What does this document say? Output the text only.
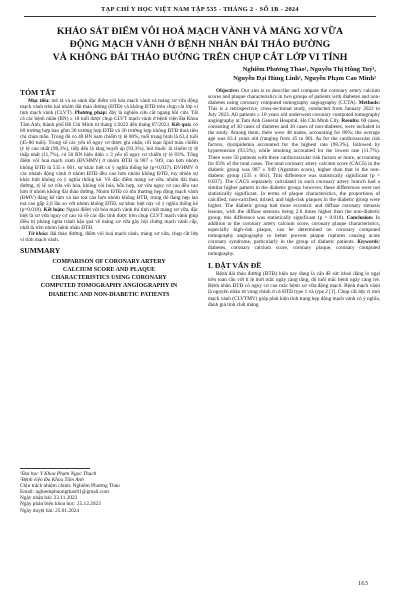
TẠP CHÍ Y HỌC VIỆT NAM TẬP 535 - THÁNG 2 - SỐ 1B - 2024
KHẢO SÁT ĐIỂM VÔI HOÁ MẠCH VÀNH VÀ MẢNG XƠ VỮA
ĐỘNG MẠCH VÀNH Ở BỆNH NHÂN ĐÁI THÁO ĐƯỜNG
VÀ KHÔNG ĐÁI THÁO ĐƯỜNG TRÊN CHỤP CẮT LỚP VI TÍNH
Nghiêm Phương Thảo¹, Nguyễn Thị Hồng Tuý²,
Nguyễn Đại Hùng Linh¹, Nguyễn Phạm Cao Minh²
TÓM TẮT
Mục tiêu: mô tả và so sánh đặc điểm vôi hóa mạch vành và mảng xơ vữa động mạch vành trên hai nhóm đái tháo đường (ĐTĐ) và không ĐTĐ trên chụp cắt lớp vi tính mạch vành (CLVT). Phương pháp: đây là nghiên cứu cắt ngang hồi cứu. Tất cả các bệnh nhân (BN) ≥ 18 tuổi được chụp CLVT mạch vành ở bệnh viện Đa Khoa Tâm Anh, thành phố Hồ Chí Minh từ tháng 1/2022 đến tháng 07/2023. Kết quả: có 60 trường hợp bao gồm 30 trường hợp ĐTĐ và 30 trường hợp không ĐTĐ thoả tiêu chí chọn mẫu. Trong đó có 48 BN nam chiếm tỷ lệ 80%, tuổi trung bình là 63,4 tuổi (45-80 tuổi). Trong số các yếu tố nguy cơ được ghi nhận, rối loạn lipid máu chiếm tỷ lệ cao nhất (98,3%), tiếp đến là tăng huyết áp (93,3%), hút thuốc lá chiếm tỷ lệ thấp nhất (11,7%), có 50 BN hiện diện ≥ 3 yếu tố nguy cơ chiếm tỷ lệ 83%. Tổng điểm vôi hoá mạch vành (ĐVHMV) ở nhóm ĐTĐ là 987 ± 949, cao hơn nhóm không ĐTĐ là 535 ± 661, sự khác biệt có ý nghĩa thống kê (p=0,037). ĐVHMV ở các nhánh động vành ở nhóm ĐTĐ đều cao hơn nhóm không ĐTĐ, tuy nhiên sự khác biệt không có ý nghĩa thống kê. Về đặc điểm mảng xơ vữa, nhóm đái tháo đường, tỷ lệ xơ vữa vôi hóa, không vôi hóa, hỗn hợp, xơ vữa nguy cơ cao đều cao hơn ở nhóm không đái tháo đường. Nhóm ĐTĐ có tổn thương hẹp động mạch vành (ĐMV) đáng kể tâm và lan toả cao hơn nhóm không ĐTĐ, trong đó đang hẹp lan toả cao gấp 2,6 lần so với nhóm không ĐTĐ, sự khác biệt này có ý nghĩa thống kê (p=0,018). Kết luận: Ngoài điểm vôi hóa mạch vành thì tính chất mảng xơ vữa, đặc biệt là xơ vữa nguy cơ cao và về các đặc tính được trên chụp CLVT mạch vành giúp điều trị phòng ngừa tránh hậu quả về mảng xơ vữa gây hội chứng mạch vành cấp, nhất là trên nhóm bệnh nhân ĐTĐ.
Từ khóa: đái tháo đường, điểm vôi hoá mạch vành, mảng xơ vữa, chụp cắt lớp vi tính mạch vành.
SUMMARY
COMPARISON OF CORONARY ARTERY
CALCIUM SCORE AND PLAQUE
CHARACTERISTICS USING CORONARY
COMPUTED TOMOGRAPHY ANGIOGRAPHY IN
DIABETIC AND NON-DIABETIC PATIENTS
¹Đại học Y Khoa Phạm Ngọc Thạch
²Bệnh viện Đa Khoa Tâm Anh
Chịu trách nhiệm chính: Nghiêm Phương Thảo
Email: nghiemphuongthao91@gmail.com
Ngày nhận bài: 23.11.2023
Ngày phản biện khoa học: 25.12.2023
Ngày duyệt bài: 25.01.2024
Objective: Our aim is to describe and compare the coronary artery calcium scores and plaque characteristics in two groups of patients with diabetes and non-diabetes using coronary computed tomography angiography (CCTA). Methods: This is a retrospective, cross-sectional study, conducted from January 2022 to July 2023. All patients ≥ 18 years old underwent coronary computed tomography angiography at Tam Anh General Hospital, Ho Chi Minh City. Results: 60 cases, consisting of 30 cases of diabetes and 30 cases of non-diabetes, were included in the study. Among them, there were 48 males, accounting for 80%; the average age was 63.4 years old (ranging from 45 to 80). As for the cardiovascular risk factors, dyslipidemia accounted for the highest rate (98.3%), followed by hypertension (93.3%), while smoking accounted for the lowest rate (11.7%). There were 50 patients with three cardiovascular risk factors or more, accounting for 83% of the total cases. The total coronary artery calcium score (CACS) in the diabetic group was 987 ± 949 (Agatston score), higher than that in the non-diabetic group (535 ± 661). This difference was statistically significant (p = 0.037). The CACS separately calculated in each coronary artery branch had a similar higher pattern in the diabetic group; however, these differences were not statistically significant. In terms of plaque characteristics, the proportions of calcified, non-calcified, mixed, and high-risk plaques in the diabetic group were higher. The diabetic group had more eccentric and diffuse coronary stenosis lesions, with the diffuse stenosis being 2.6 times higher than the non-diabetic group; this difference was statistically significant (p = 0.018). Conclusion: In addition to the coronary artery calcium score, coronary plaque characteristics, especially high-risk plaque, can be determined on coronary computed tomography angiography to better prevent plaque ruptures causing acute coronary syndrome, particularly in the group of diabetic patients. Keywords: diabetes, coronary calcium score, coronary plaque, coronary computed tomography.
I. ĐẶT VẤN ĐỀ
Bệnh đái tháo đường (ĐTĐ) hiện nay đang là vấn đề sức khoẻ đáng lo ngại trên toàn cầu với tỉ lệ mới mắc ngày càng tăng, độ tuổi mắc bệnh ngày càng trẻ. Bệnh nhân ĐTĐ có nguy cơ cao mắc bệnh xơ vữa động mạch. Bệnh mạch vành là nguyên nhân tử vong chính ở cả ĐTĐ type 1 và type 2 [1]. Chụp cắt lớp vi tính mạch vành (CLVTMV) giúp phát hiện tình trạng hẹp động mạch vành có ý nghĩa, đánh giá tính chất mảng
163
